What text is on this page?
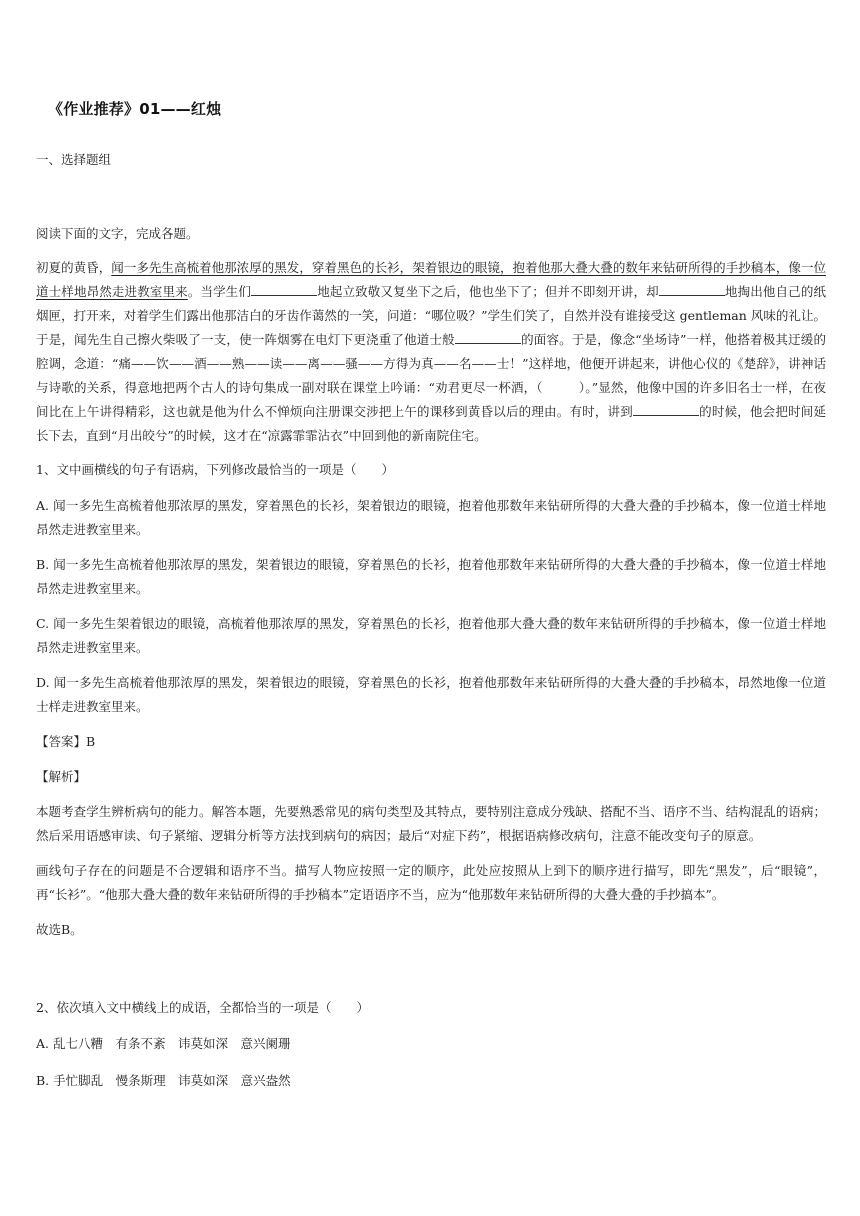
《作业推荐》01——红烛

一、选择题组

阅读下面的文字，完成各题。

初夏的黄昏，闻一多先生高梳着他那浓厚的黑发，穿着黑色的长衫，架着银边的眼镜，抱着他那大叠大叠的数年来钻研所得的手抄稿本，像一位道士样地昂然走进教室里来。当学生们	地起立致敬又复坐下之后，他也坐下了；但并不即刻开讲，却	地掏出他自己的纸烟匣，打开来，对着学生们露出他那洁白的牙齿作蔼然的一笑，问道：“哪位吸？”学生们笑了，自然并没有谁接受这 gentleman 风味的礼让。于是，闻先生自己擦火柴吸了一支，使一阵烟雾在电灯下更浇重了他道士般	的面容。于是，像念“坐场诗”一样，他搭着极其迂缓的腔调，念道：“痛——饮——酒——熟——读——离——骚——方得为真——名——士！”这样地，他便开讲起来，讲他心仪的《楚辞》，讲神话与诗歌的关系，得意地把两个古人的诗句集成一副对联在课堂上吟诵：“劝君更尽一杯酒，（	）。”显然，他像中国的许多旧名士一样，在夜间比在上午讲得精彩，这也就是他为什么不惮烦向注册课交涉把上午的课移到黄昏以后的理由。有时，讲到	的时候，他会把时间延长下去，直到“月出皎兮”的时候，这才在“凉露霏霏沾衣”中回到他的新南院住宅。

1、文中画横线的句子有语病，下列修改最恰当的一项是（　　）

A. 闻一多先生高梳着他那浓厚的黑发，穿着黑色的长衫，架着银边的眼镜，抱着他那数年来钻研所得的大叠大叠的手抄稿本，像一位道士样地昂然走进教室里来。

B. 闻一多先生高梳着他那浓厚的黑发，架着银边的眼镜，穿着黑色的长衫，抱着他那数年来钻研所得的大叠大叠的手抄稿本，像一位道士样地昂然走进教室里来。

C. 闻一多先生架着银边的眼镜，高梳着他那浓厚的黑发，穿着黑色的长衫，抱着他那大叠大叠的数年来钻研所得的手抄稿本，像一位道士样地昂然走进教室里来。

D. 闻一多先生高梳着他那浓厚的黑发，架着银边的眼镜，穿着黑色的长衫，抱着他那数年来钻研所得的大叠大叠的手抄稿本，昂然地像一位道士样走进教室里来。

【答案】B

【解析】

本题考查学生辨析病句的能力。解答本题，先要熟悉常见的病句类型及其特点，要特别注意成分残缺、搭配不当、语序不当、结构混乱的语病；然后采用语感审读、句子紧缩、逻辑分析等方法找到病句的病因；最后“对症下药”，根据语病修改病句，注意不能改变句子的原意。

画线句子存在的问题是不合逻辑和语序不当。描写人物应按照一定的顺序，此处应按照从上到下的顺序进行描写，即先“黑发”，后“眼镜”，再“长衫”。“他那大叠大叠的数年来钻研所得的手抄稿本”定语语序不当，应为“他那数年来钻研所得的大叠大叠的手抄搞本”。

故选B。

2、依次填入文中横线上的成语，全都恰当的一项是（　　）

A. 乱七八糟　有条不紊　讳莫如深　意兴阑珊

B. 手忙脚乱　慢条斯理　讳莫如深　意兴盎然
